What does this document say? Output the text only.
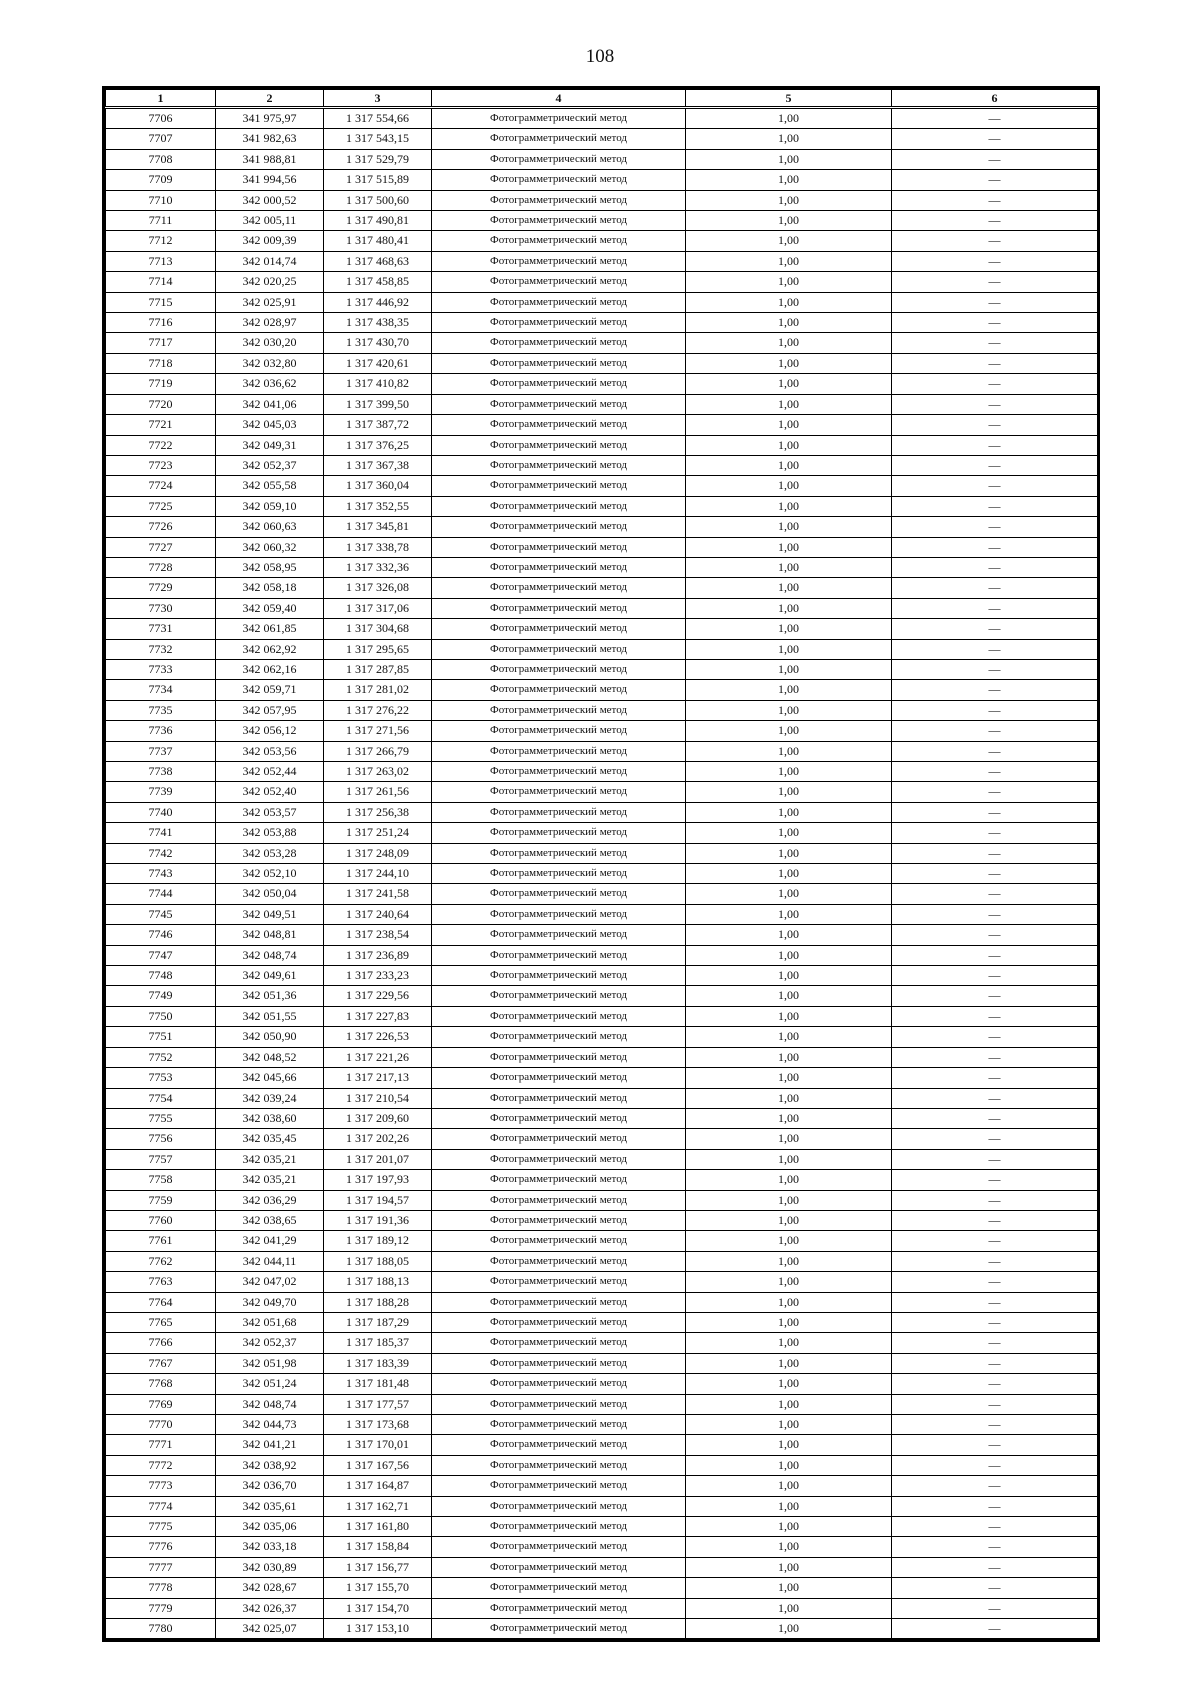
108
1	2	3	4	5	6
7706	341 975,97	1 317 554,66	Фотограмметрический метод	1,00	—
7707	341 982,63	1 317 543,15	Фотограмметрический метод	1,00	—
7708	341 988,81	1 317 529,79	Фотограмметрический метод	1,00	—
7709	341 994,56	1 317 515,89	Фотограмметрический метод	1,00	—
7710	342 000,52	1 317 500,60	Фотограмметрический метод	1,00	—
7711	342 005,11	1 317 490,81	Фотограмметрический метод	1,00	—
7712	342 009,39	1 317 480,41	Фотограмметрический метод	1,00	—
7713	342 014,74	1 317 468,63	Фотограмметрический метод	1,00	—
7714	342 020,25	1 317 458,85	Фотограмметрический метод	1,00	—
7715	342 025,91	1 317 446,92	Фотограмметрический метод	1,00	—
7716	342 028,97	1 317 438,35	Фотограмметрический метод	1,00	—
7717	342 030,20	1 317 430,70	Фотограмметрический метод	1,00	—
7718	342 032,80	1 317 420,61	Фотограмметрический метод	1,00	—
7719	342 036,62	1 317 410,82	Фотограмметрический метод	1,00	—
7720	342 041,06	1 317 399,50	Фотограмметрический метод	1,00	—
7721	342 045,03	1 317 387,72	Фотограмметрический метод	1,00	—
7722	342 049,31	1 317 376,25	Фотограмметрический метод	1,00	—
7723	342 052,37	1 317 367,38	Фотограмметрический метод	1,00	—
7724	342 055,58	1 317 360,04	Фотограмметрический метод	1,00	—
7725	342 059,10	1 317 352,55	Фотограмметрический метод	1,00	—
7726	342 060,63	1 317 345,81	Фотограмметрический метод	1,00	—
7727	342 060,32	1 317 338,78	Фотограмметрический метод	1,00	—
7728	342 058,95	1 317 332,36	Фотограмметрический метод	1,00	—
7729	342 058,18	1 317 326,08	Фотограмметрический метод	1,00	—
7730	342 059,40	1 317 317,06	Фотограмметрический метод	1,00	—
7731	342 061,85	1 317 304,68	Фотограмметрический метод	1,00	—
7732	342 062,92	1 317 295,65	Фотограмметрический метод	1,00	—
7733	342 062,16	1 317 287,85	Фотограмметрический метод	1,00	—
7734	342 059,71	1 317 281,02	Фотограмметрический метод	1,00	—
7735	342 057,95	1 317 276,22	Фотограмметрический метод	1,00	—
7736	342 056,12	1 317 271,56	Фотограмметрический метод	1,00	—
7737	342 053,56	1 317 266,79	Фотограмметрический метод	1,00	—
7738	342 052,44	1 317 263,02	Фотограмметрический метод	1,00	—
7739	342 052,40	1 317 261,56	Фотограмметрический метод	1,00	—
7740	342 053,57	1 317 256,38	Фотограмметрический метод	1,00	—
7741	342 053,88	1 317 251,24	Фотограмметрический метод	1,00	—
7742	342 053,28	1 317 248,09	Фотограмметрический метод	1,00	—
7743	342 052,10	1 317 244,10	Фотограмметрический метод	1,00	—
7744	342 050,04	1 317 241,58	Фотограмметрический метод	1,00	—
7745	342 049,51	1 317 240,64	Фотограмметрический метод	1,00	—
7746	342 048,81	1 317 238,54	Фотограмметрический метод	1,00	—
7747	342 048,74	1 317 236,89	Фотограмметрический метод	1,00	—
7748	342 049,61	1 317 233,23	Фотограмметрический метод	1,00	—
7749	342 051,36	1 317 229,56	Фотограмметрический метод	1,00	—
7750	342 051,55	1 317 227,83	Фотограмметрический метод	1,00	—
7751	342 050,90	1 317 226,53	Фотограмметрический метод	1,00	—
7752	342 048,52	1 317 221,26	Фотограмметрический метод	1,00	—
7753	342 045,66	1 317 217,13	Фотограмметрический метод	1,00	—
7754	342 039,24	1 317 210,54	Фотограмметрический метод	1,00	—
7755	342 038,60	1 317 209,60	Фотограмметрический метод	1,00	—
7756	342 035,45	1 317 202,26	Фотограмметрический метод	1,00	—
7757	342 035,21	1 317 201,07	Фотограмметрический метод	1,00	—
7758	342 035,21	1 317 197,93	Фотограмметрический метод	1,00	—
7759	342 036,29	1 317 194,57	Фотограмметрический метод	1,00	—
7760	342 038,65	1 317 191,36	Фотограмметрический метод	1,00	—
7761	342 041,29	1 317 189,12	Фотограмметрический метод	1,00	—
7762	342 044,11	1 317 188,05	Фотограмметрический метод	1,00	—
7763	342 047,02	1 317 188,13	Фотограмметрический метод	1,00	—
7764	342 049,70	1 317 188,28	Фотограмметрический метод	1,00	—
7765	342 051,68	1 317 187,29	Фотограмметрический метод	1,00	—
7766	342 052,37	1 317 185,37	Фотограмметрический метод	1,00	—
7767	342 051,98	1 317 183,39	Фотограмметрический метод	1,00	—
7768	342 051,24	1 317 181,48	Фотограмметрический метод	1,00	—
7769	342 048,74	1 317 177,57	Фотограмметрический метод	1,00	—
7770	342 044,73	1 317 173,68	Фотограмметрический метод	1,00	—
7771	342 041,21	1 317 170,01	Фотограмметрический метод	1,00	—
7772	342 038,92	1 317 167,56	Фотограмметрический метод	1,00	—
7773	342 036,70	1 317 164,87	Фотограмметрический метод	1,00	—
7774	342 035,61	1 317 162,71	Фотограмметрический метод	1,00	—
7775	342 035,06	1 317 161,80	Фотограмметрический метод	1,00	—
7776	342 033,18	1 317 158,84	Фотограмметрический метод	1,00	—
7777	342 030,89	1 317 156,77	Фотограмметрический метод	1,00	—
7778	342 028,67	1 317 155,70	Фотограмметрический метод	1,00	—
7779	342 026,37	1 317 154,70	Фотограмметрический метод	1,00	—
7780	342 025,07	1 317 153,10	Фотограмметрический метод	1,00	—
